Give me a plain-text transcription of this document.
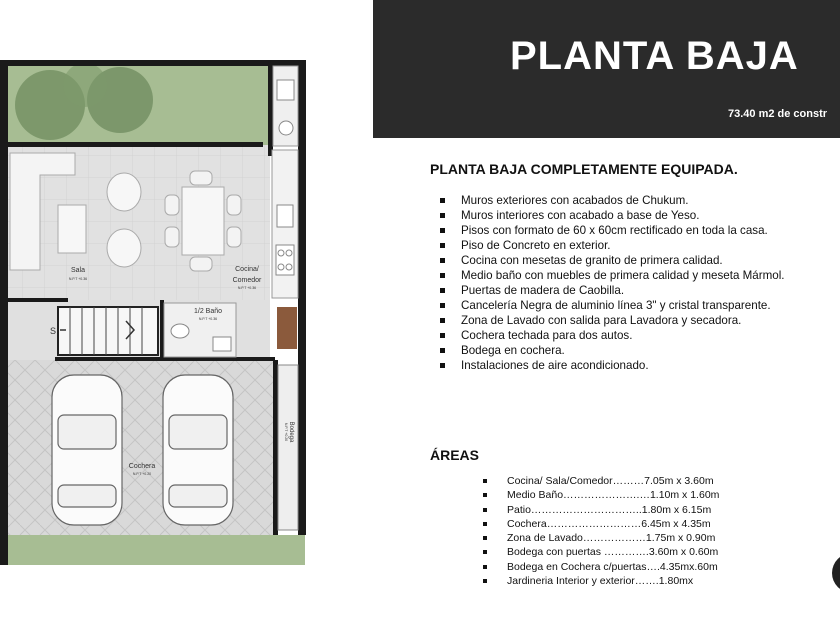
Sala
N.P.T +0.36
Cocina/
Comedor
N.P.T +0.36
1/2 Baño
N.P.T +0.36
S
Cochera
N.P.T +0.20
Bodega
N.P.T +0.20
PLANTA BAJA
73.40 m2 de constr
PLANTA BAJA COMPLETAMENTE EQUIPADA.
Muros exteriores con acabados de Chukum.
Muros interiores con acabado a base de Yeso.
Pisos con formato de 60 x 60cm rectificado en toda la casa.
Piso de Concreto en exterior.
Cocina con mesetas de granito de primera calidad.
Medio baño con muebles de primera calidad y meseta Mármol.
Puertas de madera de Caobilla.
Cancelería Negra de aluminio línea 3" y cristal transparente.
Zona de Lavado con salida para Lavadora y secadora.
Cochera techada para dos autos.
Bodega en cochera.
Instalaciones de aire acondicionado.
ÁREAS
Cocina/ Sala/Comedor………7.05m x 3.60m
Medio Baño………………….…1.10m x 1.60m
Patio…………………………..1.80m x 6.15m
Cochera………………………6.45m x 4.35m
Zona de Lavado………………1.75m x 0.90m
Bodega con puertas ………….3.60m x 0.60m
Bodega en Cochera c/puertas….4.35mx.60m
Jardineria Interior y exterior…….1.80mx
